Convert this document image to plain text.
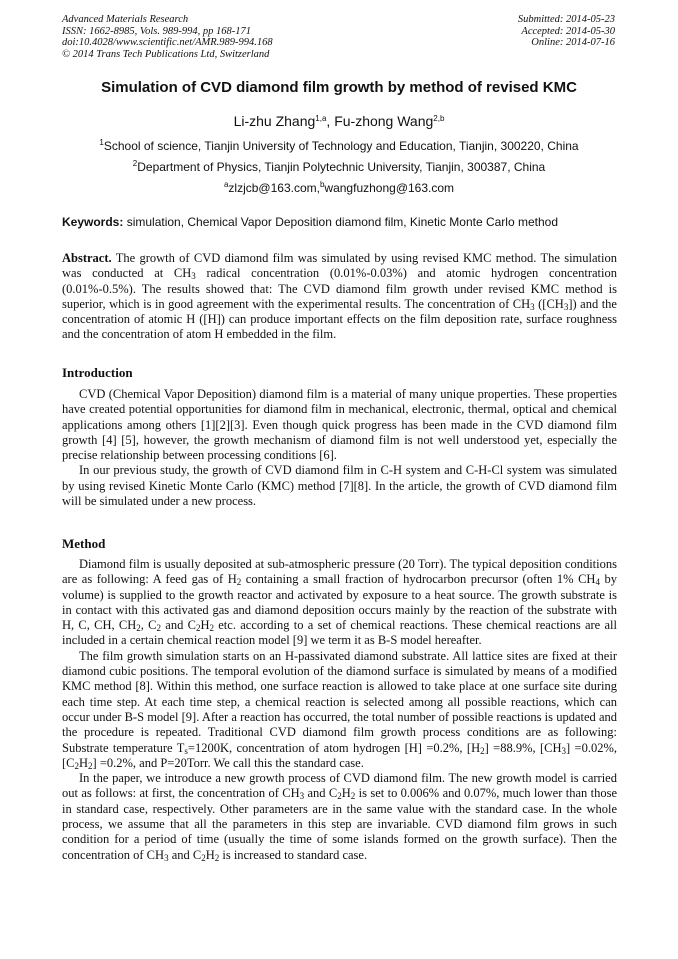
Advanced Materials Research
ISSN: 1662-8985, Vols. 989-994, pp 168-171
doi:10.4028/www.scientific.net/AMR.989-994.168
© 2014 Trans Tech Publications Ltd, Switzerland
Submitted: 2014-05-23
Accepted: 2014-05-30
Online: 2014-07-16
Simulation of CVD diamond film growth by method of revised KMC
Li-zhu Zhang$^{1,a}$, Fu-zhong Wang$^{2,b}$
$^1$School of science, Tianjin University of Technology and Education, Tianjin, 300220, China
$^2$Department of Physics, Tianjin Polytechnic University, Tianjin, 300387, China
$^a$zlzjcb@163.com,$^b$wangfuzhong@163.com
Keywords: simulation, Chemical Vapor Deposition diamond film, Kinetic Monte Carlo method

Abstract. The growth of CVD diamond film was simulated by using revised KMC method. The simulation was conducted at $CH_3$ radical concentration (0.01%-0.03%) and atomic hydrogen concentration (0.01%-0.5%). The results showed that: The CVD diamond film growth under revised KMC method is superior, which is in good agreement with the experimental results. The concentration of $CH_3$ $([CH_3])$ and the concentration of atomic H ([H]) can produce important effects on the film deposition rate, surface roughness and the concentration of atom H embedded in the film.

Introduction

CVD (Chemical Vapor Deposition) diamond film is a material of many unique properties. These properties have created potential opportunities for diamond film in mechanical, electronic, thermal, optical and chemical applications among others [1][2][3]. Even though quick progress has been made in the CVD diamond film growth [4] [5], however, the growth mechanism of diamond film is not well understood yet, especially the precise relationship between processing conditions [6].

In our previous study, the growth of CVD diamond film in C-H system and C-H-Cl system was simulated by using revised Kinetic Monte Carlo (KMC) method [7][8]. In the article, the growth of CVD diamond film will be simulated under a new process.

Method

Diamond film is usually deposited at sub-atmospheric pressure (20 Torr). The typical deposition conditions are as following: A feed gas of $H_2$ containing a small fraction of hydrocarbon precursor (often 1% $CH_4$ by volume) is supplied to the growth reactor and activated by exposure to a heat source. The growth substrate is in contact with this activated gas and diamond deposition occurs mainly by the reaction of the substrate with H, C, CH, $CH_2$, $C_2$ and $C_2H_2$ etc. according to a set of chemical reactions. These chemical reactions are all included in a certain chemical reaction model [9] we term it as B-S model hereafter.

The film growth simulation starts on an H-passivated diamond substrate. All lattice sites are fixed at their diamond cubic positions. The temporal evolution of the diamond surface is simulated by means of a modified KMC method [8]. Within this method, one surface reaction is allowed to take place at one surface site during each time step. At each time step, a chemical reaction is selected among all possible reactions, which can occur under B-S model [9]. After a reaction has occurred, the total number of possible reactions is updated and the procedure is repeated. Traditional CVD diamond film growth process conditions are as following: Substrate temperature $T_s=1200K$, concentration of atom hydrogen [H] =0.2%, $[H_2] =88.9\%$, $[CH_3] =0.02\%$, $[C_2H_2] =0.2\%$, and P=20Torr. We call this the standard case.

In the paper, we introduce a new growth process of CVD diamond film. The new growth model is carried out as follows: at first, the concentration of $CH_3$ and $C_2H_2$ is set to 0.006% and 0.07%, much lower than those in standard case, respectively. Other parameters are in the same value with the standard case. In the whole process, we assume that all the parameters in this step are invariable. CVD diamond film grows in such condition for a period of time (usually the time of some islands formed on the growth surface). Then the concentration of $CH_3$ and $C_2H_2$ is increased to standard case.
